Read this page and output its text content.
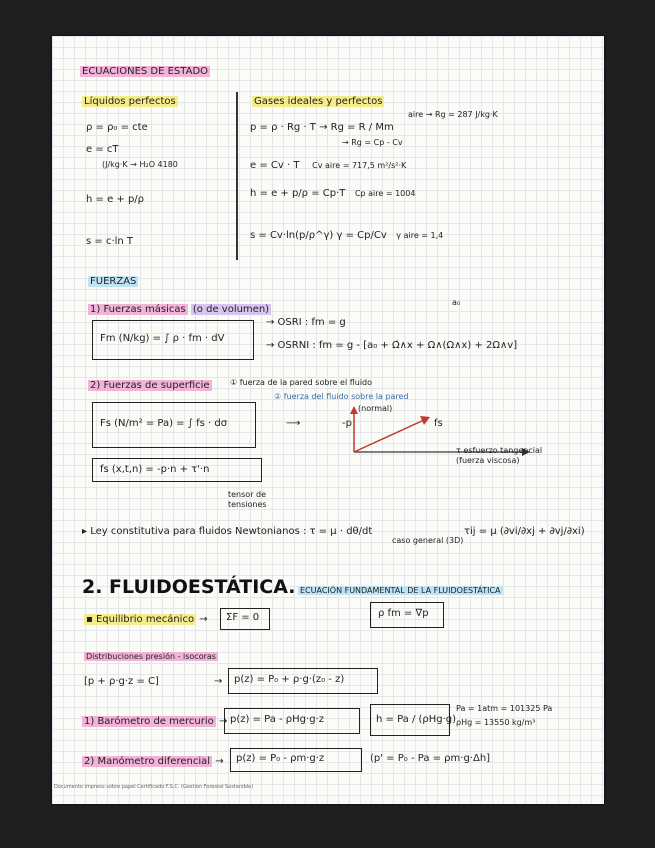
ECUACIONES DE ESTADO
Líquidos perfectos
ρ = ρ₀ = cte
e = cT
(J/kg·K → H₂O 4180
h = e + p/ρ
s = c·ln T
Gases ideales y perfectos
aire → Rg = 287 J/kg·K
p = ρ · Rg · T → Rg = R / Mm
→ Rg = Cp - Cv
e = Cv · T Cv aire = 717,5 m²/s²·K
h = e + p/ρ = Cp·T Cp aire = 1004
s = Cv·ln(p/ρ^γ) γ = Cp/Cv γ aire = 1,4
FUERZAS
1) Fuerzas másicas (o de volumen)
a₀
Fm (N/kg) = ∫ ρ · fm · dV
→ OSRI : fm = g
→ OSRNI : fm = g - [a₀ + Ω̇∧x + Ω∧(Ω∧x) + 2Ω∧v]
2) Fuerzas de superficie	① fuerza de la pared sobre el fluido
② fuerza del fluido sobre la pared
Fs (N/m² = Pa) = ∫ fs · dσ	⟶
fs (x,t,n) = -p·n + τ'·n
tensor de
tensiones
(normal)
-p	fs
τ esfuerzo tangencial
(fuerza viscosa)
▸ Ley constitutiva para fluidos Newtonianos : τ = μ · dθ/dt
caso general (3D)
τij = μ (∂vi/∂xj + ∂vj/∂xi)
2. FLUIDOESTÁTICA. ECUACIÓN FUNDAMENTAL DE LA FLUIDOESTÁTICA
ρ fm = ∇p
▪ Equilibrio mecánico → ΣF = 0
Distribuciones presión - isocoras
[p + ρ·g·z = C]	→ p(z) = P₀ + ρ·g·(z₀ - z)
1) Barómetro de mercurio → p(z) = Pa - ρHg·g·z	h = Pa / (ρHg·g)
Pa = 1atm = 101325 Pa
ρHg = 13550 kg/m³
2) Manómetro diferencial → p(z) = P₀ - ρm·g·z	(p' = P₀ - Pa = ρm·g·Δh]
Documento impreso sobre papel Certificado F.S.C. (Gestión Forestal Sostenible)
